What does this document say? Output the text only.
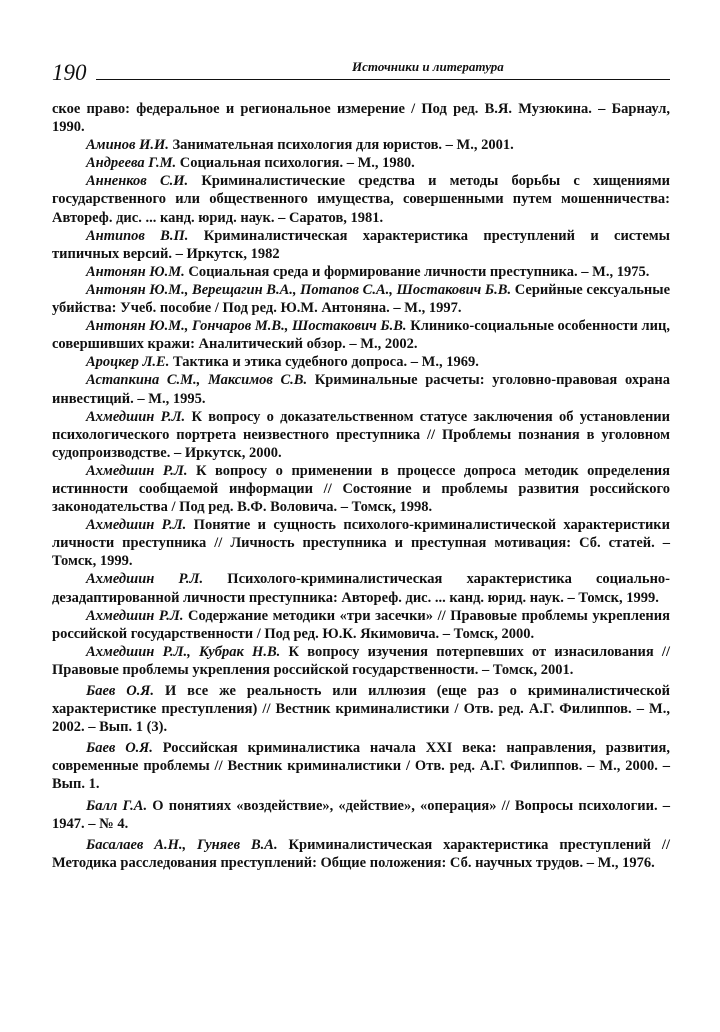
190	Источники и литература

ское право: федеральное и региональное измерение / Под ред. В.Я. Музюкина. – Барнаул, 1990.

Аминов И.И. Занимательная психология для юристов. – М., 2001.

Андреева Г.М. Социальная психология. – М., 1980.

Анненков С.И. Криминалистические средства и методы борьбы с хищениями государственного или общественного имущества, совершенными путем мошенничества: Автореф. дис. ... канд. юрид. наук. – Саратов, 1981.

Антипов В.П. Криминалистическая характеристика преступлений и системы типичных версий. – Иркутск, 1982

Антонян Ю.М. Социальная среда и формирование личности преступника. – М., 1975.

Антонян Ю.М., Верещагин В.А., Потапов С.А., Шостакович Б.В. Серийные сексуальные убийства: Учеб. пособие / Под ред. Ю.М. Антоняна. – М., 1997.

Антонян Ю.М., Гончаров М.В., Шостакович Б.В. Клинико-социальные особенности лиц, совершивших кражи: Аналитический обзор. – М., 2002.

Ароцкер Л.Е. Тактика и этика судебного допроса. – М., 1969.

Астапкина С.М., Максимов С.В. Криминальные расчеты: уголовно-правовая охрана инвестиций. – М., 1995.

Ахмедшин Р.Л. К вопросу о доказательственном статусе заключения об установлении психологического портрета неизвестного преступника // Проблемы познания в уголовном судопроизводстве. – Иркутск, 2000.

Ахмедшин Р.Л. К вопросу о применении в процессе допроса методик определения истинности сообщаемой информации // Состояние и проблемы развития российского законодательства / Под ред. В.Ф. Воловича. – Томск, 1998.

Ахмедшин Р.Л. Понятие и сущность психолого-криминалистической характеристики личности преступника // Личность преступника и преступная мотивация: Сб. статей. – Томск, 1999.

Ахмедшин Р.Л. Психолого-криминалистическая характеристика социально-дезадаптированной личности преступника: Автореф. дис. ... канд. юрид. наук. – Томск, 1999.

Ахмедшин Р.Л. Содержание методики «три засечки» // Правовые проблемы укрепления российской государственности / Под ред. Ю.К. Якимовича. – Томск, 2000.

Ахмедшин Р.Л., Кубрак Н.В. К вопросу изучения потерпевших от изнасилования // Правовые проблемы укрепления российской государственности. – Томск, 2001.

Баев О.Я. И все же реальность или иллюзия (еще раз о криминалистической характеристике преступления) // Вестник криминалистики / Отв. ред. А.Г. Филиппов. – М., 2002. – Вып. 1 (3).

Баев О.Я. Российская криминалистика начала XXI века: направления, развития, современные проблемы // Вестник криминалистики / Отв. ред. А.Г. Филиппов. – М., 2000. – Вып. 1.

Балл Г.А. О понятиях «воздействие», «действие», «операция» // Вопросы психологии. – 1947. – № 4.

Басалаев А.Н., Гуняев В.А. Криминалистическая характеристика преступлений // Методика расследования преступлений: Общие положения: Сб. научных трудов. – М., 1976.
